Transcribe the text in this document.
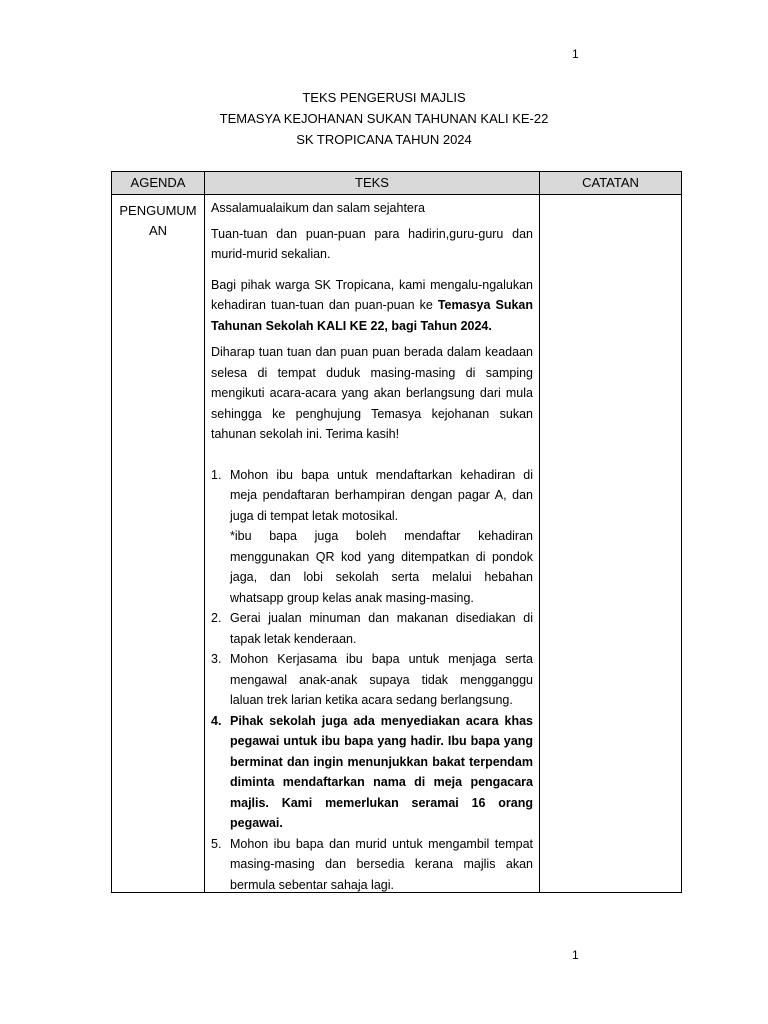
1
TEKS PENGERUSI MAJLIS
TEMASYA KEJOHANAN SUKAN TAHUNAN KALI KE-22
SK TROPICANA TAHUN 2024
AGENDA	TEKS	CATATAN
PENGUMUM
AN

Assalamualaikum dan salam sejahtera

Tuan-tuan dan puan-puan para hadirin,guru-guru dan murid-murid sekalian.

Bagi pihak warga SK Tropicana, kami mengalu-ngalukan kehadiran tuan-tuan dan puan-puan ke Temasya Sukan Tahunan Sekolah KALI KE 22, bagi Tahun 2024.

Diharap tuan tuan dan puan puan berada dalam keadaan selesa di tempat duduk masing-masing di samping mengikuti acara-acara yang akan berlangsung dari mula sehingga ke penghujung Temasya kejohanan sukan tahunan sekolah ini. Terima kasih!

1. Mohon ibu bapa untuk mendaftarkan kehadiran di meja pendaftaran berhampiran dengan pagar A, dan juga di tempat letak motosikal.
*ibu bapa juga boleh mendaftar kehadiran menggunakan QR kod yang ditempatkan di pondok jaga, dan lobi sekolah serta melalui hebahan whatsapp group kelas anak masing-masing.
2. Gerai jualan minuman dan makanan disediakan di tapak letak kenderaan.
3. Mohon Kerjasama ibu bapa untuk menjaga serta mengawal anak-anak supaya tidak mengganggu laluan trek larian ketika acara sedang berlangsung.
4. Pihak sekolah juga ada menyediakan acara khas pegawai untuk ibu bapa yang hadir. Ibu bapa yang berminat dan ingin menunjukkan bakat terpendam diminta mendaftarkan nama di meja pengacara majlis. Kami memerlukan seramai 16 orang pegawai.
5. Mohon ibu bapa dan murid untuk mengambil tempat masing-masing dan bersedia kerana majlis akan bermula sebentar sahaja lagi.
1
